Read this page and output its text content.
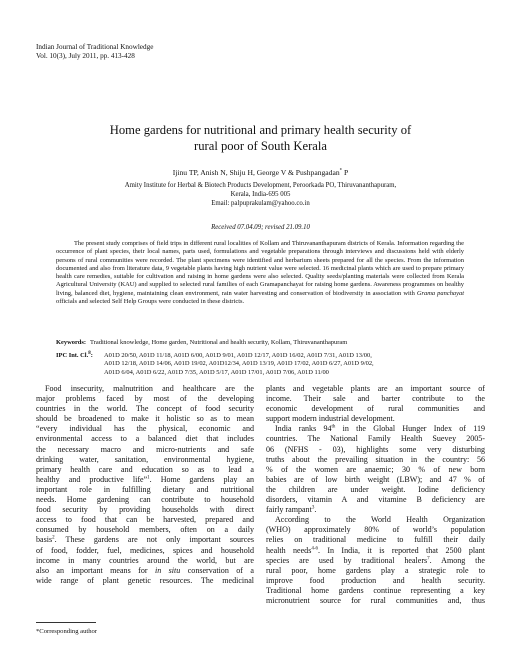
Indian Journal of Traditional Knowledge
Vol. 10(3), July 2011, pp. 413-428
Home gardens for nutritional and primary health security of
rural poor of South Kerala
Ijinu TP, Anish N, Shiju H, George V & Pushpangadan* P
Amity Institute for Herbal & Biotech Products Development, Peroorkada PO, Thiruvananthapuram,
Kerala, India-695 005
Email: palpuprakulam@yahoo.co.in
Received 07.04.09; revised 21.09.10

The present study comprises of field trips in different rural localities of Kollam and Thiruvananthapuram districts of Kerala. Information regarding the occurrence of plant species, their local names, parts used, formulations and vegetable preparations through interviews and discussions held with elderly persons of rural communities were recorded. The plant specimens were identified and herbarium sheets prepared for all the species. From the information documented and also from literature data, 9 vegetable plants having high nutrient value were selected. 16 medicinal plants which are used to prepare primary health care remedies, suitable for cultivation and raising in home gardens were also selected. Quality seeds/planting materials were collected from Kerala Agricultural University (KAU) and supplied to selected rural families of each Gramapanchayat for raising home gardens. Awareness programmes on healthy living, balanced diet, hygiene, maintaining clean environment, rain water harvesting and conservation of biodiversity in association with Grama panchayat officials and selected Self Help Groups were conducted in these districts.

Keywords: Traditional knowledge, Home garden, Nutritional and health security, Kollam, Thiruvananthapuram
IPC Int. Cl.$^8$:	A01D 20/50, A01D 11/18, A01D 6/00, A01D 9/01, A01D 12/17, A01D 16/02, A01D 7/31, A01D 13/00,
A01D 12/18, A01D 14/06, A01D 19/02, A01D12/34, A01D 13/19, A01D 17/02, A01D 6/27, A01D 9/02,
A01D 6/04, A01D 6/22, A01D 7/35, A01D 5/17, A01D 17/01, A01D 7/06, A01D 11/00
Food insecurity, malnutrition and healthcare are the
major problems faced by most of the developing
countries in the world. The concept of food security
should be broadened to make it holistic so as to mean
“every individual has the physical, economic and
environmental access to a balanced diet that includes
the necessary macro and micro-nutrients and safe
drinking water, sanitation, environmental hygiene,
primary health care and education so as to lead a
healthy and productive life”$^1$. Home gardens play an
important role in fulfilling dietary and nutritional
needs. Home gardening can contribute to household
food security by providing households with direct
access to food that can be harvested, prepared and
consumed by household members, often on a daily
basis$^2$. These gardens are not only important sources
of food, fodder, fuel, medicines, spices and household
income in many countries around the world, but are
also an important means for in situ conservation of a
wide range of plant genetic resources. The medicinal
plants and vegetable plants are an important source of
income. Their sale and barter contribute to the
economic development of rural communities and
support modern industrial development.
India ranks 94th in the Global Hunger Index of 119
countries. The National Family Health Suevey 2005-
06 (NFHS - 03), highlights some very disturbing
truths about the prevailing situation in the country: 56
% of the women are anaemic; 30 % of new born
babies are of low birth weight (LBW); and 47 % of
the children are under weight. Iodine deficiency
disorders, vitamin A and vitamine B deficiency are
fairly rampant$^3$.
According to the World Health Organization
(WHO) approximately 80% of world’s population
relies on traditional medicine to fulfill their daily
health needs$^{4-6}$. In India, it is reported that 2500 plant
species are used by traditional healers$^7$. Among the
rural poor, home gardens play a strategic role to
improve food production and health security.
Traditional home gardens continue representing a key
micronutrient source for rural communities and, thus
*Corresponding author
